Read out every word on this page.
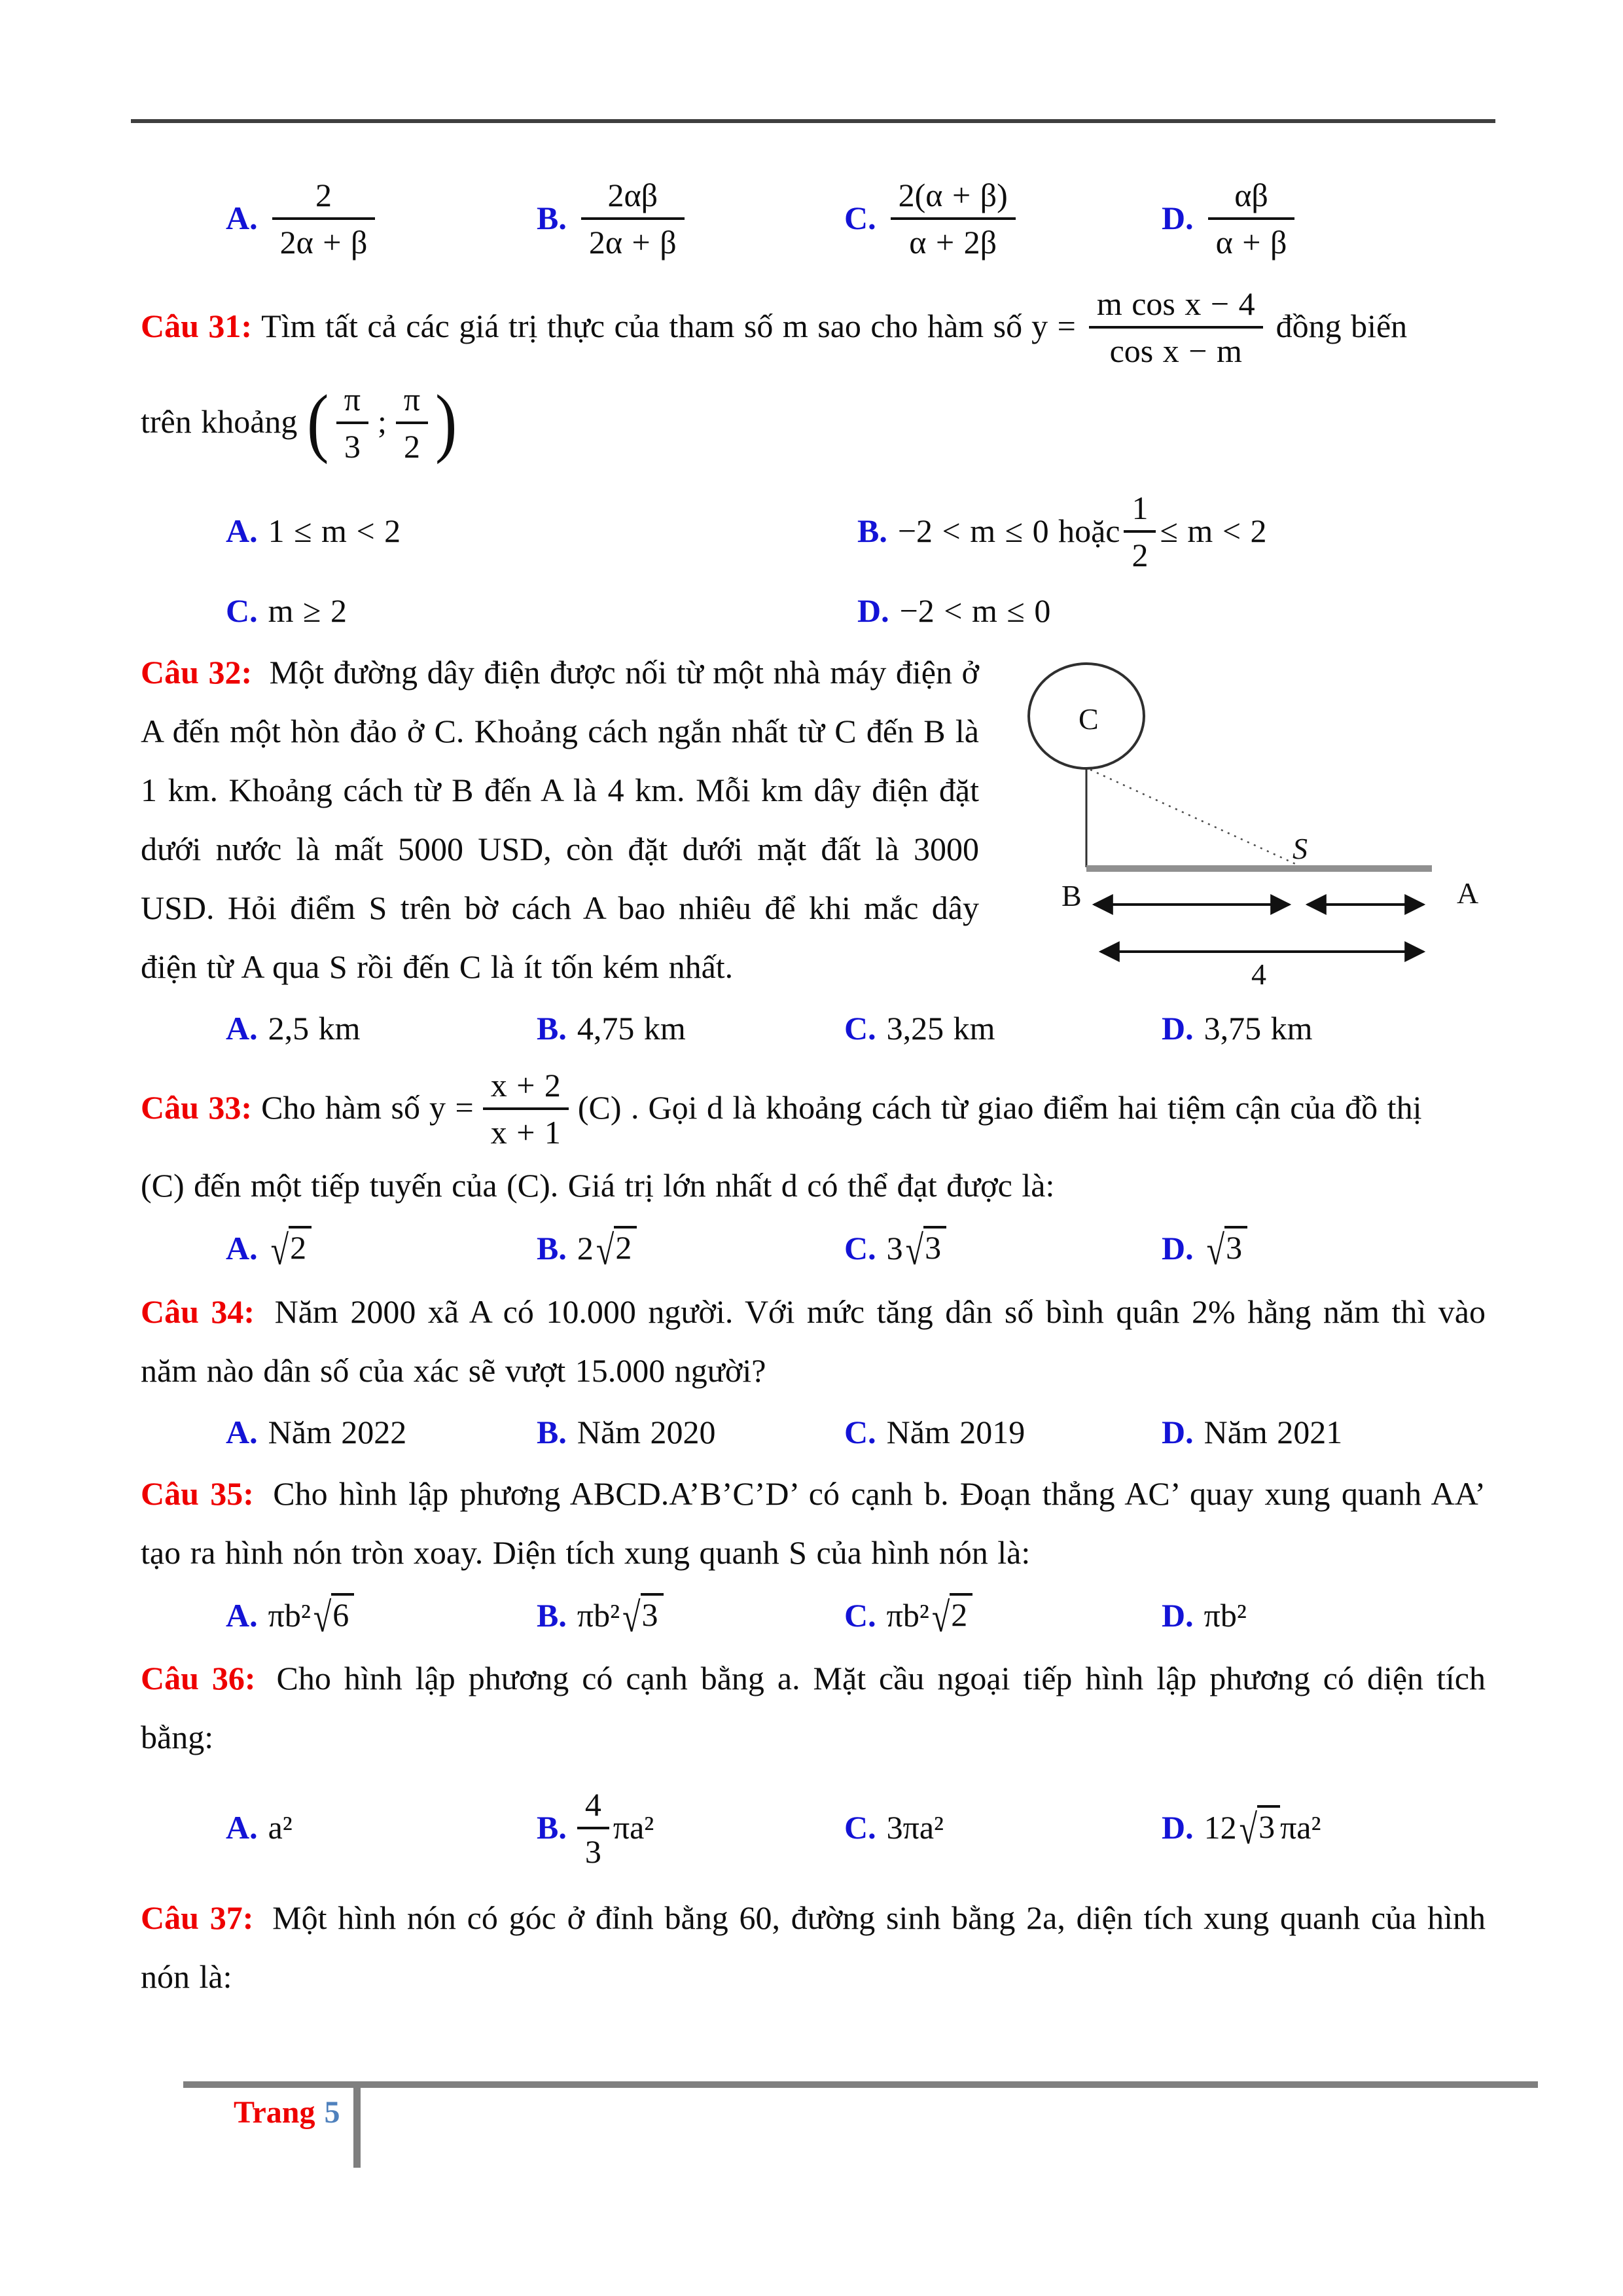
A. $\frac{2}{2\alpha + \beta}$	B. $\frac{2\alpha\beta}{2\alpha + \beta}$	C. $\frac{2(\alpha + \beta)}{\alpha + 2\beta}$	D. $\frac{\alpha\beta}{\alpha + \beta}$
Câu 31: Tìm tất cả các giá trị thực của tham số m sao cho hàm số $y = \frac{\text{m cos x − 4}}{\text{cos x − m}}$ đồng biến
trên khoảng ( $\frac{\pi}{3}$ ; $\frac{\pi}{2}$ )
A. 1 ≤ m < 2	B. −2 < m ≤ 0 hoặc $\frac{1}{2} \le m < 2$
C. m ≥ 2	D. −2 < m ≤ 0
C
B
S
A
4
Câu 32: Một đường dây điện được nối từ một nhà máy điện ở A đến một hòn đảo ở C. Khoảng cách ngắn nhất từ C đến B là 1 km. Khoảng cách từ B đến A là 4 km. Mỗi km dây điện đặt dưới nước là mất 5000 USD, còn đặt dưới mặt đất là 3000 USD. Hỏi điểm S trên bờ cách A bao nhiêu để khi mắc dây điện từ A qua S rồi đến C là ít tốn kém nhất.
A. 2,5 km	B. 4,75 km	C. 3,25 km	D. 3,75 km
Câu 33: Cho hàm số $y = \frac{x + 2}{x + 1} (C)$ . Gọi d là khoảng cách từ giao điểm hai tiệm cận của đồ thị
(C) đến một tiếp tuyến của (C). Giá trị lớn nhất d có thể đạt được là:
A. √2	B. 2 √2	C. 3 √3	D. √3
Câu 34: Năm 2000 xã A có 10.000 người. Với mức tăng dân số bình quân 2% hằng năm thì vào năm nào dân số của xác sẽ vượt 15.000 người?
A. Năm 2022	B. Năm 2020	C. Năm 2019	D. Năm 2021
Câu 35: Cho hình lập phương ABCD.A’B’C’D’ có cạnh b. Đoạn thẳng AC’ quay xung quanh AA’ tạo ra hình nón tròn xoay. Diện tích xung quanh S của hình nón là:
A. πb² √6	B. πb² √3	C. πb² √2	D. πb²
Câu 36: Cho hình lập phương có cạnh bằng a. Mặt cầu ngoại tiếp hình lập phương có diện tích bằng:
A. a²	B. $\frac{4}{3} \pi a^2$	C. 3πa²	D. 12 √3 πa²
Câu 37: Một hình nón có góc ở đỉnh bằng 60, đường sinh bằng 2a, diện tích xung quanh của hình nón là:
Trang 5
